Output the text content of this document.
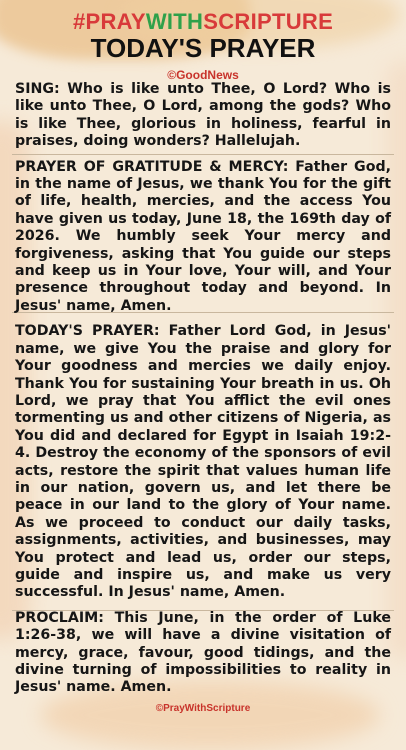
#PRAYWITHSCRIPTURE
TODAY'S PRAYER
©GoodNews

SING: Who is like unto Thee, O Lord? Who is like unto Thee, O Lord, among the gods? Who is like Thee, glorious in holiness, fearful in praises, doing wonders? Hallelujah.

PRAYER OF GRATITUDE & MERCY: Father God, in the name of Jesus, we thank You for the gift of life, health, mercies, and the access You have given us today, June 18, the 169th day of 2026. We humbly seek Your mercy and forgiveness, asking that You guide our steps and keep us in Your love, Your will, and Your presence throughout today and beyond. In Jesus' name, Amen.

TODAY'S PRAYER: Father Lord God, in Jesus' name, we give You the praise and glory for Your goodness and mercies we daily enjoy. Thank You for sustaining Your breath in us. Oh Lord, we pray that You afflict the evil ones tormenting us and other citizens of Nigeria, as You did and declared for Egypt in Isaiah 19:2-4. Destroy the economy of the sponsors of evil acts, restore the spirit that values human life in our nation, govern us, and let there be peace in our land to the glory of Your name. As we proceed to conduct our daily tasks, assignments, activities, and businesses, may You protect and lead us, order our steps, guide and inspire us, and make us very successful. In Jesus' name, Amen.

PROCLAIM: This June, in the order of Luke 1:26-38, we will have a divine visitation of mercy, grace, favour, good tidings, and the divine turning of impossibilities to reality in Jesus' name. Amen.

©PrayWithScripture
